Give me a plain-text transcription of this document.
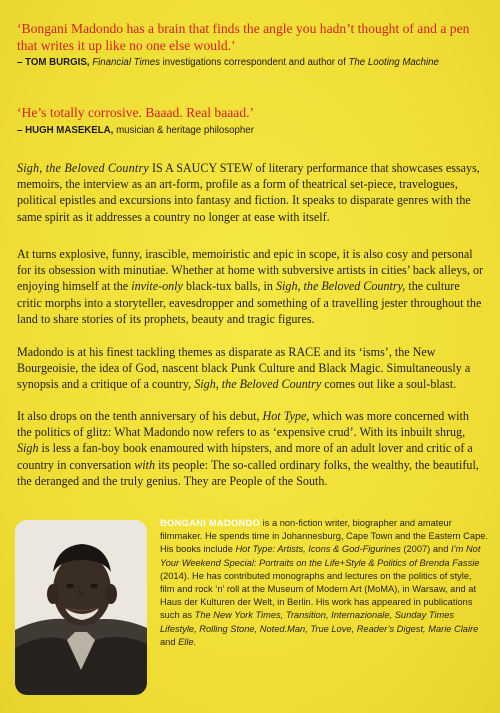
‘Bongani Madondo has a brain that finds the angle you hadn’t thought of and a pen that writes it up like no one else would.’
– TOM BURGIS, Financial Times investigations correspondent and author of The Looting Machine
‘He’s totally corrosive. Baaad. Real baaad.’
– HUGH MASEKELA, musician & heritage philosopher

Sigh, the Beloved Country IS A SAUCY STEW of literary performance that showcases essays, memoirs, the interview as an art-form, profile as a form of theatrical set-piece, travelogues, political epistles and excursions into fantasy and fiction. It speaks to disparate genres with the same spirit as it addresses a country no longer at ease with itself.

At turns explosive, funny, irascible, memoiristic and epic in scope, it is also cosy and personal for its obsession with minutiae. Whether at home with subversive artists in cities’ back alleys, or enjoying himself at the invite-only black-tux balls, in Sigh, the Beloved Country, the culture critic morphs into a storyteller, eavesdropper and something of a travelling jester throughout the land to share stories of its prophets, beauty and tragic figures.

Madondo is at his finest tackling themes as disparate as RACE and its ‘isms’, the New Bourgeoisie, the idea of God, nascent black Punk Culture and Black Magic. Simultaneously a synopsis and a critique of a country, Sigh, the Beloved Country comes out like a soul-blast.

It also drops on the tenth anniversary of his debut, Hot Type, which was more concerned with the politics of glitz: What Madondo now refers to as ‘expensive crud’. With its inbuilt shrug, Sigh is less a fan-boy book enamoured with hipsters, and more of an adult lover and critic of a country in conversation with its people: The so-called ordinary folks, the wealthy, the beautiful, the deranged and the truly genius. They are People of the South.

BONGANI MADONDO is a non-fiction writer, biographer and amateur filmmaker. He spends time in Johannesburg, Cape Town and the Eastern Cape. His books include Hot Type: Artists, Icons & God-Figurines (2007) and I’m Not Your Weekend Special: Portraits on the Life+Style & Politics of Brenda Fassie (2014). He has contributed monographs and lectures on the politics of style, film and rock ‘n’ roll at the Museum of Modern Art (MoMA), in Warsaw, and at Haus der Kulturen der Welt, in Berlin. His work has appeared in publications such as The New York Times, Transition, Internazionale, Sunday Times Lifestyle, Rolling Stone, Noted.Man, True Love, Reader’s Digest, Marie Claire and Elle.
